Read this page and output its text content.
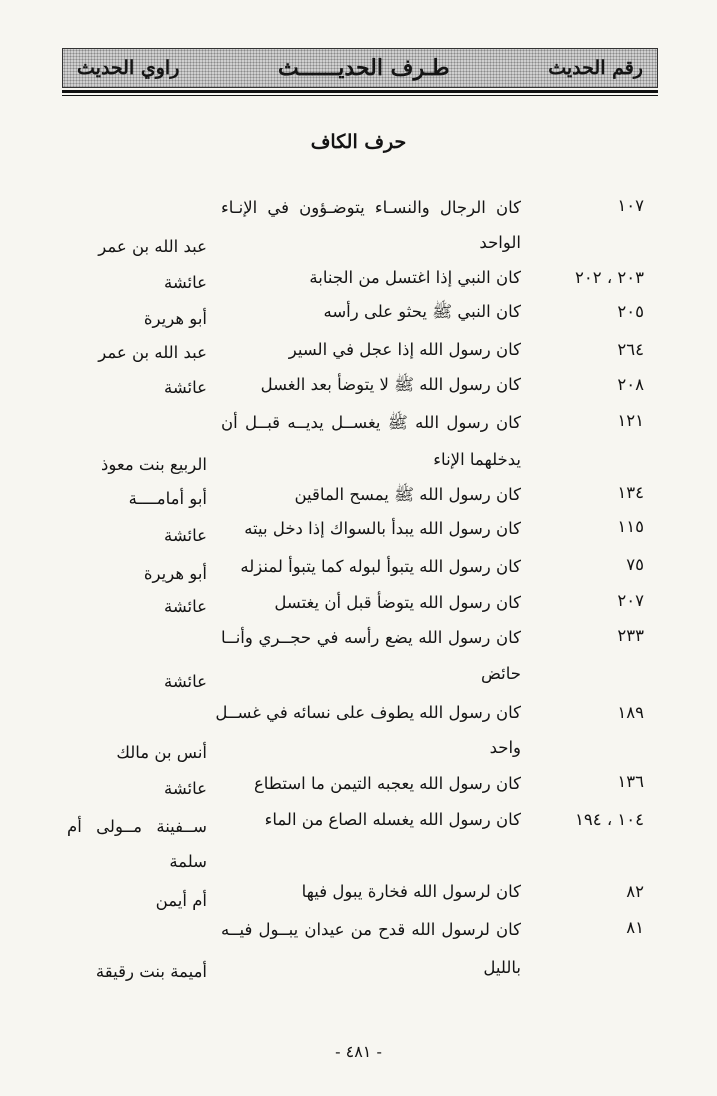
رقم الحديث
طـرف الحديــــــث
راوي الحديث
حرف الكاف
١٠٧
كان الرجال والنسـاء يتوضـؤون في الإنـاء
الواحد
عبد الله بن عمر
٢٠٣ ، ٢٠٢
كان النبي إذا اغتسل من الجنابة
عائشة
٢٠٥
كان النبي ﷺ يحثو على رأسه
أبو هريرة
٢٦٤
كان رسول الله إذا عجل في السير
عبد الله بن عمر
٢٠٨
كان رسول الله ﷺ لا يتوضأ بعد الغسل
عائشة
١٢١
كان رسول الله ﷺ يغســل يديــه قبــل أن
يدخلهما الإناء
الربيع بنت معوذ
١٣٤
كان رسول الله ﷺ يمسح الماقين
أبو أمامــــة
١١٥
كان رسول الله يبدأ بالسواك إذا دخل بيته
عائشة
٧٥
كان رسول الله يتبوأ لبوله كما يتبوأ لمنزله
أبو هريرة
٢٠٧
كان رسول الله يتوضأ قبل أن يغتسل
عائشة
٢٣٣
كان رسول الله يضع رأسه في حجــري وأنــا
حائض
عائشة
١٨٩
كان رسول الله يطوف على نسائه في غســل
واحد
أنس بن مالك
١٣٦
كان رسول الله يعجبه التيمن ما استطاع
عائشة
١٠٤ ، ١٩٤
كان رسول الله يغسله الصاع من الماء
ســفينة مــولى أم
سلمة
٨٢
كان لرسول الله فخارة يبول فيها
أم أيمن
٨١
كان لرسول الله قدح من عيدان يبــول فيــه
بالليل
أميمة بنت رقيقة
- ٤٨١ -
